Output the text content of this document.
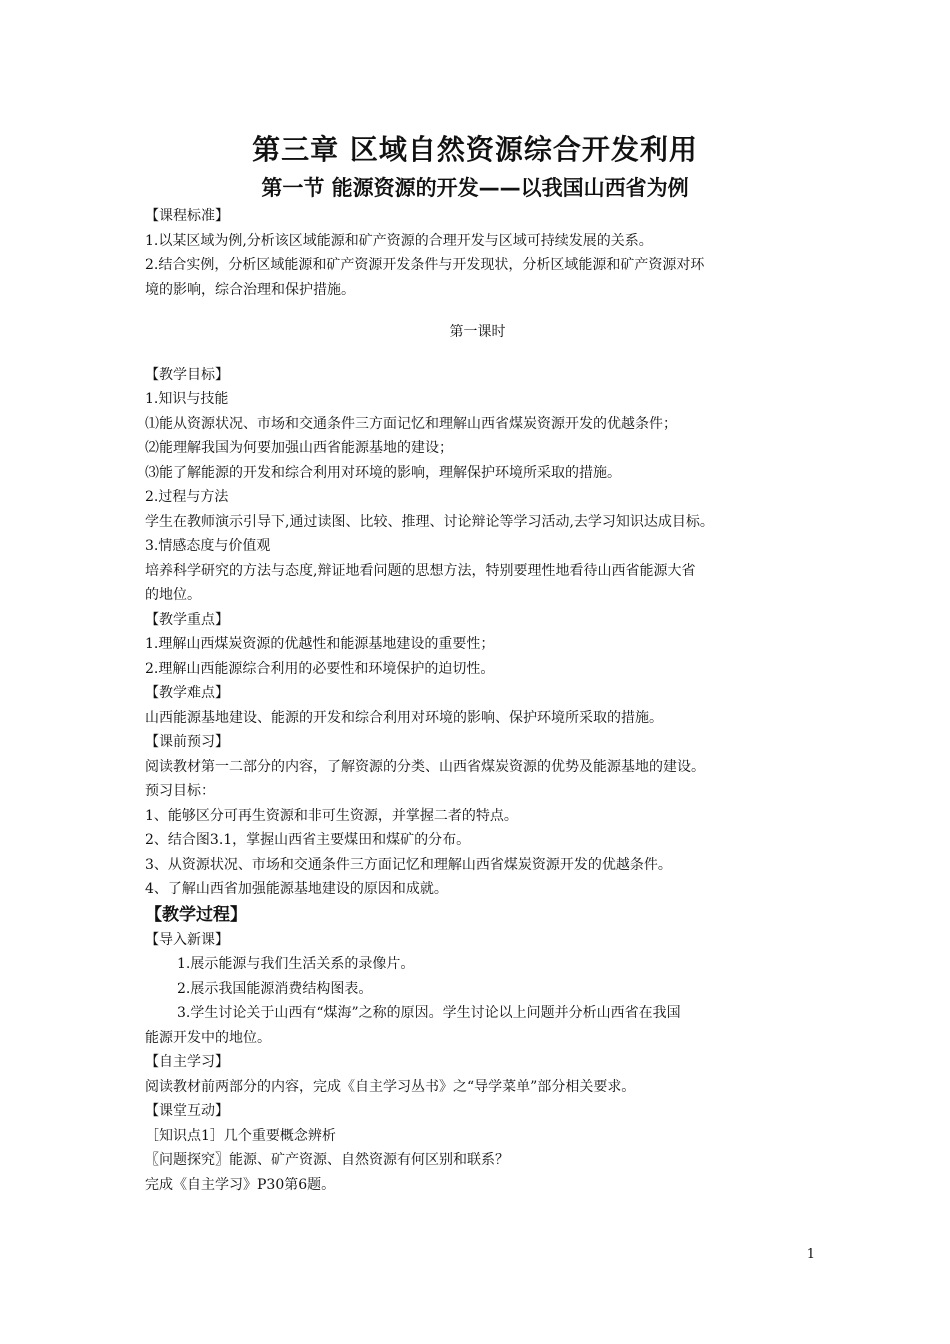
第三章 区域自然资源综合开发利用
第一节 能源资源的开发——以我国山西省为例

【课程标准】

1.以某区域为例,分析该区域能源和矿产资源的合理开发与区域可持续发展的关系。

2.结合实例，分析区域能源和矿产资源开发条件与开发现状，分析区域能源和矿产资源对环

境的影响，综合治理和保护措施。

第一课时

【教学目标】

1.知识与技能

⑴能从资源状况、市场和交通条件三方面记忆和理解山西省煤炭资源开发的优越条件；

⑵能理解我国为何要加强山西省能源基地的建设；

⑶能了解能源的开发和综合利用对环境的影响，理解保护环境所采取的措施。

2.过程与方法

学生在教师演示引导下,通过读图、比较、推理、讨论辩论等学习活动,去学习知识达成目标。

3.情感态度与价值观

培养科学研究的方法与态度,辩证地看问题的思想方法，特别要理性地看待山西省能源大省

的地位。

【教学重点】

1.理解山西煤炭资源的优越性和能源基地建设的重要性；

2.理解山西能源综合利用的必要性和环境保护的迫切性。

【教学难点】

山西能源基地建设、能源的开发和综合利用对环境的影响、保护环境所采取的措施。

【课前预习】

阅读教材第一二部分的内容，了解资源的分类、山西省煤炭资源的优势及能源基地的建设。

预习目标：

1、能够区分可再生资源和非可生资源，并掌握二者的特点。

2、结合图3.1，掌握山西省主要煤田和煤矿的分布。

3、从资源状况、市场和交通条件三方面记忆和理解山西省煤炭资源开发的优越条件。

4、了解山西省加强能源基地建设的原因和成就。

【教学过程】

【导入新课】

1.展示能源与我们生活关系的录像片。

2.展示我国能源消费结构图表。

3.学生讨论关于山西有“煤海”之称的原因。学生讨论以上问题并分析山西省在我国

能源开发中的地位。

【自主学习】

阅读教材前两部分的内容，完成《自主学习丛书》之“导学菜单”部分相关要求。

【课堂互动】

［知识点1］几个重要概念辨析

〖问题探究〗能源、矿产资源、自然资源有何区别和联系？

完成《自主学习》P30第6题。

1
